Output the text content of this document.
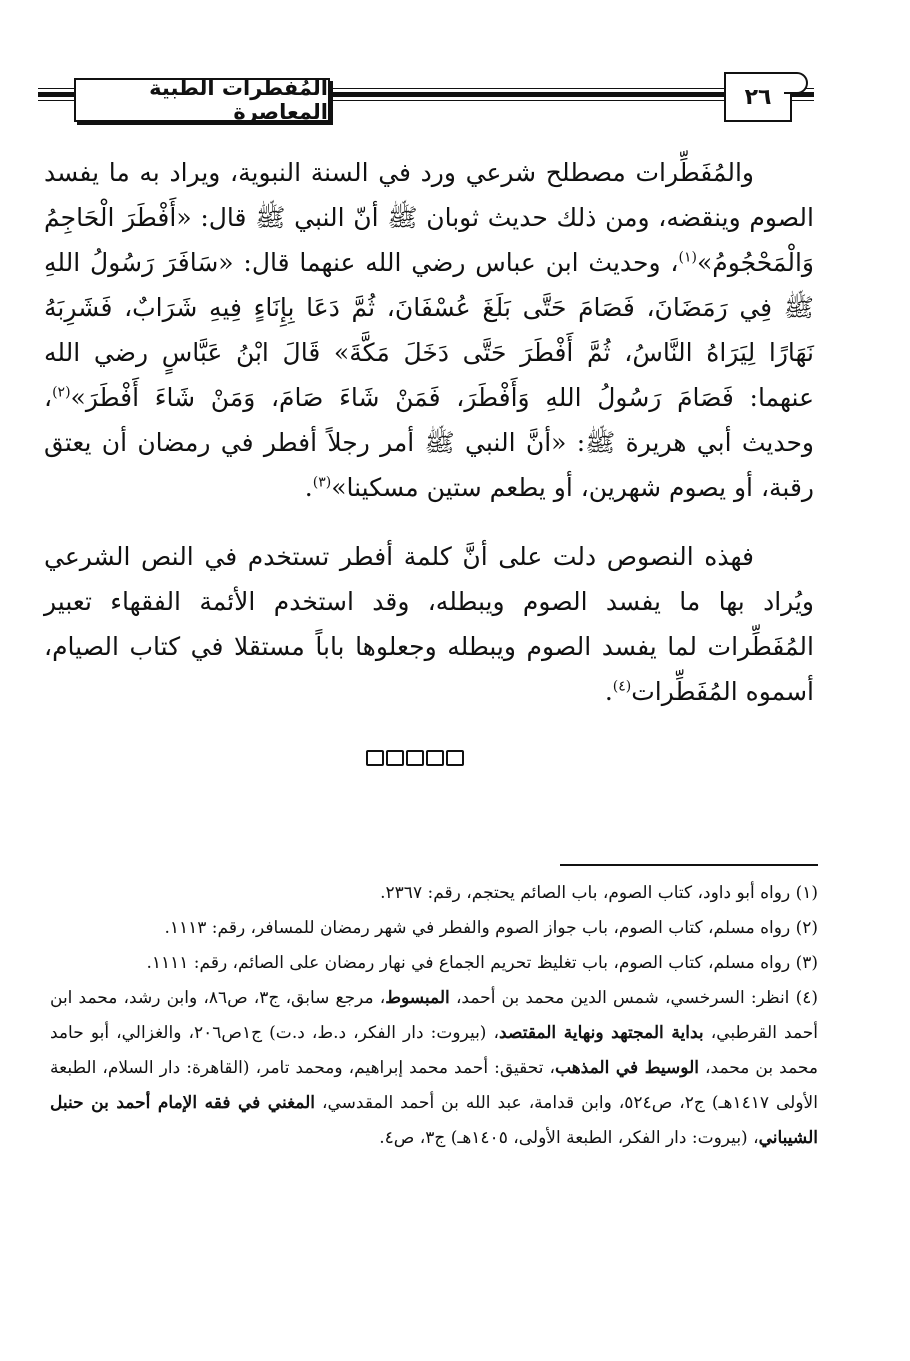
المُفطرات الطبية المعاصرة
٢٦

والمُفَطِّرات مصطلح شرعي ورد في السنة النبوية، ويراد به ما يفسد الصوم وينقضه، ومن ذلك حديث ثوبان ﷺ أنّ النبي ﷺ قال: «أَفْطَرَ الْحَاجِمُ وَالْمَحْجُومُ»$^{(١)}$، وحديث ابن عباس رضي الله عنهما قال: «سَافَرَ رَسُولُ اللهِ ﷺ فِي رَمَضَانَ، فَصَامَ حَتَّى بَلَغَ عُسْفَانَ، ثُمَّ دَعَا بِإِنَاءٍ فِيهِ شَرَابٌ، فَشَرِبَهُ نَهَارًا لِيَرَاهُ النَّاسُ، ثُمَّ أَفْطَرَ حَتَّى دَخَلَ مَكَّةَ» قَالَ ابْنُ عَبَّاسٍ رضي الله عنهما: فَصَامَ رَسُولُ اللهِ وَأَفْطَرَ، فَمَنْ شَاءَ صَامَ، وَمَنْ شَاءَ أَفْطَرَ»$^{(٢)}$، وحديث أبي هريرة ﷺ: «أنَّ النبي ﷺ أمر رجلاً أفطر في رمضان أن يعتق رقبة، أو يصوم شهرين، أو يطعم ستين مسكينا»$^{(٣)}$.

فهذه النصوص دلت على أنَّ كلمة أفطر تستخدم في النص الشرعي ويُراد بها ما يفسد الصوم ويبطله، وقد استخدم الأئمة الفقهاء تعبير المُفَطِّرات لما يفسد الصوم ويبطله وجعلوها باباً مستقلا في كتاب الصيام، أسموه المُفَطِّرات$^{(٤)}$.

(١) رواه أبو داود، كتاب الصوم، باب الصائم يحتجم، رقم: ٢٣٦٧.

(٢) رواه مسلم، كتاب الصوم، باب جواز الصوم والفطر في شهر رمضان للمسافر، رقم: ١١١٣.

(٣) رواه مسلم، كتاب الصوم، باب تغليظ تحريم الجماع في نهار رمضان على الصائم، رقم: ١١١١.

(٤) انظر: السرخسي، شمس الدين محمد بن أحمد، المبسوط، مرجع سابق، ج٣، ص٨٦، وابن رشد، محمد ابن أحمد القرطبي، بداية المجتهد ونهاية المقتصد، (بيروت: دار الفكر، د.ط، د.ت) ج١ص٢٠٦، والغزالي، أبو حامد محمد بن محمد، الوسيط في المذهب، تحقيق: أحمد محمد إبراهيم، ومحمد تامر، (القاهرة: دار السلام، الطبعة الأولى ١٤١٧هـ) ج٢، ص٥٢٤، وابن قدامة، عبد الله بن أحمد المقدسي، المغني في فقه الإمام أحمد بن حنبل الشيباني، (بيروت: دار الفكر، الطبعة الأولى، ١٤٠٥هـ) ج٣، ص٤.
